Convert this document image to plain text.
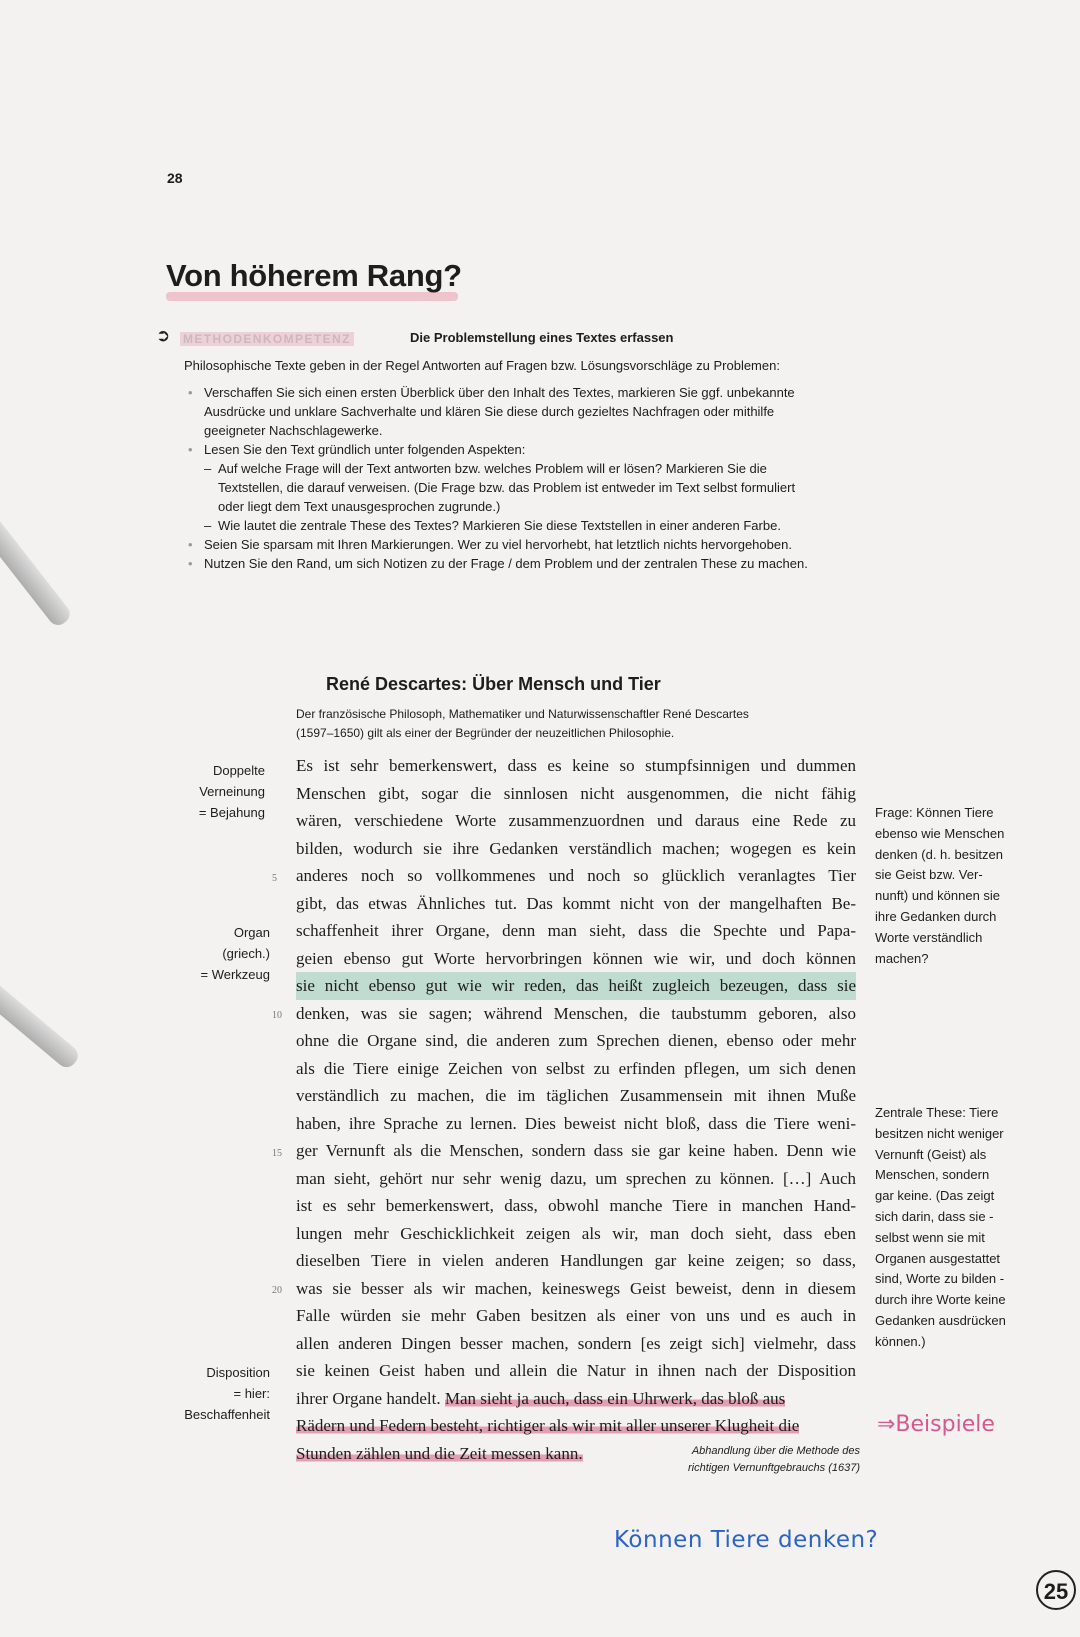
28
Von höherem Rang?
➲ METHODENKOMPETENZ	Die Problemstellung eines Textes erfassen
Philosophische Texte geben in der Regel Antworten auf Fragen bzw. Lösungsvorschläge zu Problemen:
• Verschaffen Sie sich einen ersten Überblick über den Inhalt des Textes, markieren Sie ggf. unbekannte
Ausdrücke und unklare Sachverhalte und klären Sie diese durch gezieltes Nachfragen oder mithilfe
geeigneter Nachschlagewerke.
• Lesen Sie den Text gründlich unter folgenden Aspekten:
– Auf welche Frage will der Text antworten bzw. welches Problem will er lösen? Markieren Sie die
Textstellen, die darauf verweisen. (Die Frage bzw. das Problem ist entweder im Text selbst formuliert
oder liegt dem Text unausgesprochen zugrunde.)
– Wie lautet die zentrale These des Textes? Markieren Sie diese Textstellen in einer anderen Farbe.
• Seien Sie sparsam mit Ihren Markierungen. Wer zu viel hervorhebt, hat letztlich nichts hervorgehoben.
• Nutzen Sie den Rand, um sich Notizen zu der Frage / dem Problem und der zentralen These zu machen.
René Descartes: Über Mensch und Tier
Der französische Philosoph, Mathematiker und Naturwissenschaftler René Descartes
(1597–1650) gilt als einer der Begründer der neuzeitlichen Philosophie.
Es ist sehr bemerkenswert, dass es keine so stumpfsinnigen und dummen
Menschen gibt, sogar die sinnlosen nicht ausgenommen, die nicht fähig
wären, verschiedene Worte zusammenzuordnen und daraus eine Rede zu
bilden, wodurch sie ihre Gedanken verständlich machen; wogegen es kein
anderes noch so vollkommenes und noch so glücklich veranlagtes Tier
gibt, das etwas Ähnliches tut. Das kommt nicht von der mangelhaften Be-
schaffenheit ihrer Organe, denn man sieht, dass die Spechte und Papa-
geien ebenso gut Worte hervorbringen können wie wir, und doch können
sie nicht ebenso gut wie wir reden, das heißt zugleich bezeugen, dass sie
denken, was sie sagen; während Menschen, die taubstumm geboren, also
ohne die Organe sind, die anderen zum Sprechen dienen, ebenso oder mehr
als die Tiere einige Zeichen von selbst zu erfinden pflegen, um sich denen
verständlich zu machen, die im täglichen Zusammensein mit ihnen Muße
haben, ihre Sprache zu lernen. Dies beweist nicht bloß, dass die Tiere weni-
ger Vernunft als die Menschen, sondern dass sie gar keine haben. Denn wie
man sieht, gehört nur sehr wenig dazu, um sprechen zu können. […] Auch
ist es sehr bemerkenswert, dass, obwohl manche Tiere in manchen Hand-
lungen mehr Geschicklichkeit zeigen als wir, man doch sieht, dass eben
dieselben Tiere in vielen anderen Handlungen gar keine zeigen; so dass,
was sie besser als wir machen, keineswegs Geist beweist, denn in diesem
Falle würden sie mehr Gaben besitzen als einer von uns und es auch in
allen anderen Dingen besser machen, sondern [es zeigt sich] vielmehr, dass
sie keinen Geist haben und allein die Natur in ihnen nach der Disposition
ihrer Organe handelt. Man sieht ja auch, dass ein Uhrwerk, das bloß aus
Rädern und Federn besteht, richtiger als wir mit aller unserer Klugheit die
Stunden zählen und die Zeit messen kann.
5
10
15
20
Abhandlung über die Methode des
richtigen Vernunftgebrauchs (1637)
Doppelte
Verneinung
= Bejahung
Organ
(griech.)
= Werkzeug
Disposition
= hier:
Beschaffenheit
Frage: Können Tiere
ebenso wie Menschen
denken (d. h. besitzen
sie Geist bzw. Ver-
nunft) und können sie
ihre Gedanken durch
Worte verständlich
machen?
Zentrale These: Tiere
besitzen nicht weniger
Vernunft (Geist) als
Menschen, sondern
gar keine. (Das zeigt
sich darin, dass sie -
selbst wenn sie mit
Organen ausgestattet
sind, Worte zu bilden -
durch ihre Worte keine
Gedanken ausdrücken
können.)
⇒Beispiele
Können Tiere denken?
25
